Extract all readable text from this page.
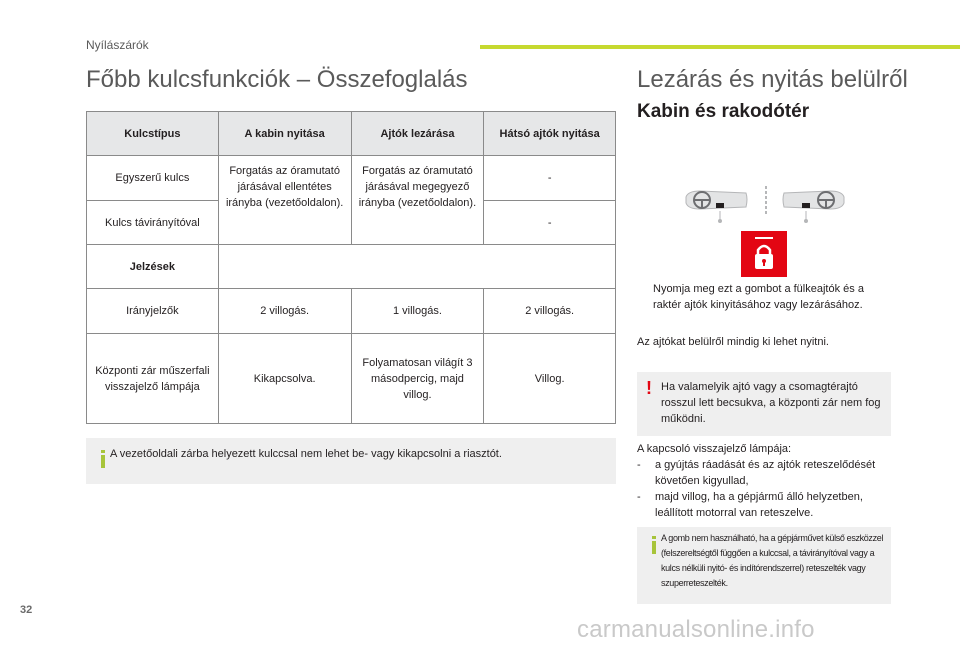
Nyílászárók
Főbb kulcsfunkciók – Összefoglalás
Kulcstípus	A kabin nyitása	Ajtók lezárása	Hátsó ajtók nyitása
Egyszerű kulcs	Forgatás az óramutató járásával ellentétes irányba (vezetőoldalon).	Forgatás az óramutató járásával megegyező irányba (vezetőoldalon).	-
Kulcs távirányítóval			-
Jelzések			
Irányjelzők	2 villogás.	1 villogás.	2 villogás.
Központi zár műszerfali visszajelző lámpája	Kikapcsolva.	Folyamatosan világít 3 másodpercig, majd villog.	Villog.
A vezetőoldali zárba helyezett kulccsal nem lehet be- vagy kikapcsolni a riasztót.
Lezárás és nyitás belülről
Kabin és rakodótér
Nyomja meg ezt a gombot a fülkeajtók és a raktér ajtók kinyitásához vagy lezárásához.
Az ajtókat belülről mindig ki lehet nyitni.
! Ha valamelyik ajtó vagy a csomagtérajtó rosszul lett becsukva, a központi zár nem fog működni.
A kapcsoló visszajelző lámpája:
- a gyújtás ráadását és az ajtók reteszelődését követően kigyullad,
- majd villog, ha a gépjármű álló helyzetben, leállított motorral van reteszelve.
A gomb nem használható, ha a gépjárművet külső eszközzel (felszereltségtől függően a kulccsal, a távirányítóval vagy a kulcs nélküli nyitó- és indítórendszerrel) reteszelték vagy szuperreteszelték.
32
carmanualsonline.info
